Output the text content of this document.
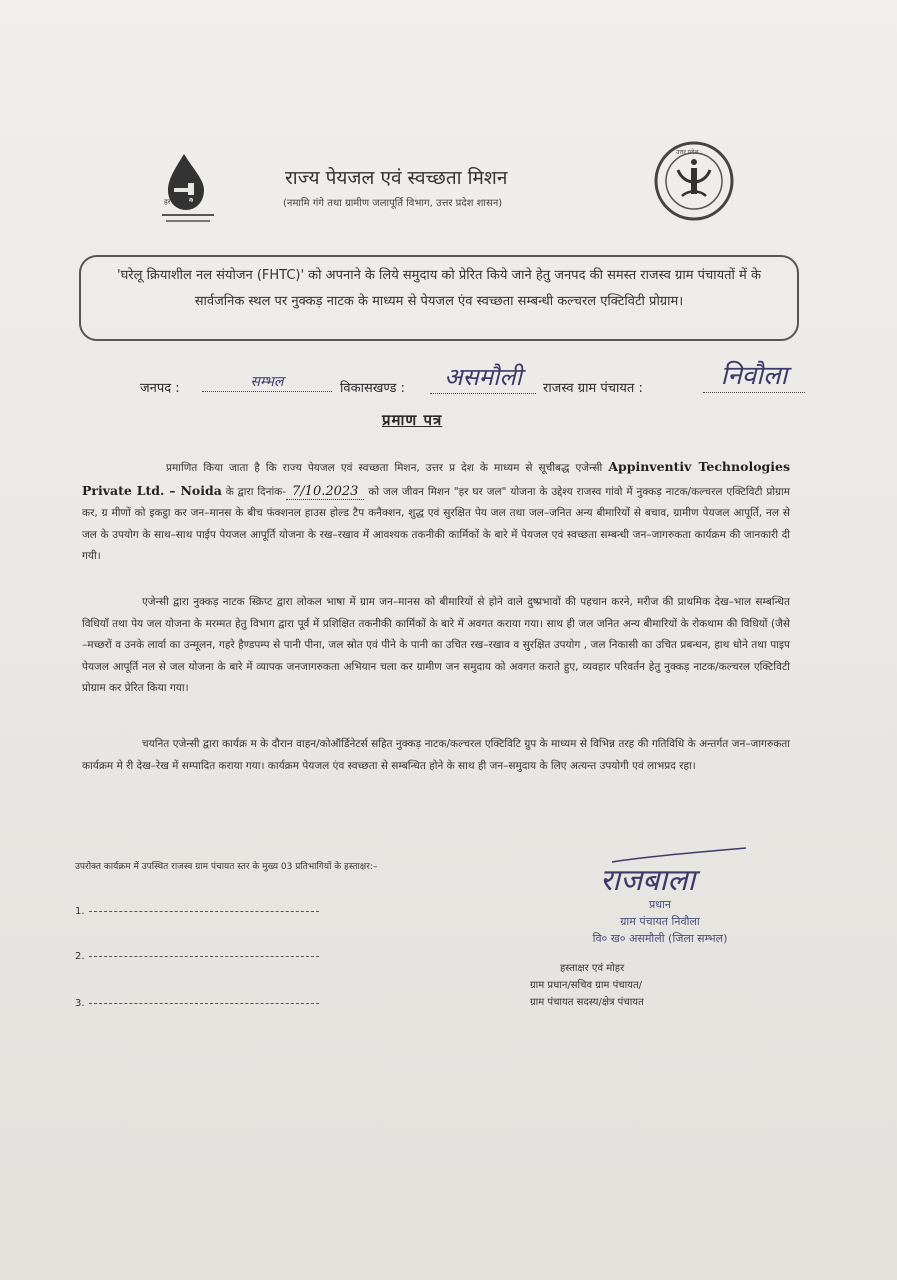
हर घर जल
राज्य पेयजल एवं स्वच्छता मिशन
(नमामि गंगे तथा ग्रामीण जलापूर्ति विभाग, उत्तर प्रदेश शासन)
उत्तर प्रदेश
'घरेलू क्रियाशील नल संयोजन (FHTC)' को अपनाने के लिये समुदाय को प्रेरित किये जाने हेतु जनपद की समस्त राजस्व ग्राम पंचायतों में के सार्वजनिक स्थल पर नुक्कड़ नाटक के माध्यम से पेयजल एंव स्वच्छता सम्बन्धी कल्चरल एक्टिविटी प्रोग्राम।
जनपद :	सम्भल	विकासखण्ड :	असमौली	राजस्व ग्राम पंचायत :	निवौला
प्रमाण पत्र
प्रमाणित किया जाता है कि राज्य पेयजल एवं स्वच्छता मिशन, उत्तर प्र देश के माध्यम से सूचीबद्ध एजेन्सी Appinventiv Technologies Private Ltd. – Noida के द्वारा दिनांक- 7/10.2023 को जल जीवन मिशन "हर घर जल" योजना के उद्देश्य राजस्व गांवो में नुक्कड़ नाटक/कल्चरल एक्टिविटी प्रोग्राम कर, ग्र मीणों को इकट्ठा कर जन–मानस के बीच फंक्शनल हाउस होल्ड टैप कनैक्शन, शुद्ध एवं सुरक्षित पेय जल तथा जल–जनित अन्य बीमारियों से बचाव, ग्रामीण पेयजल आपूर्ति, नल से जल के उपयोग के साथ–साथ पाईप पेयजल आपूर्ति योजना के रख–रखाव में आवश्यक तकनीकी कार्मिकों के बारे में पेयजल एवं स्वच्छता सम्बन्धी जन–जागरुकता कार्यक्रम की जानकारी दी गयी।
एजेन्सी द्वारा नुक्कड़ नाटक स्क्रिप्ट द्वारा लोकल भाषा में ग्राम जन–मानस को बीमारियों से होने वाले दुष्प्रभावों की पहचान करने, मरीज की प्राथमिक देख–भाल सम्बन्धित विधियाँ तथा पेय जल योजना के मरम्मत हेतु विभाग द्वारा पूर्व में प्रशिक्षित तकनीकी कार्मिकों के बारे में अवगत कराया गया। साथ ही जल जनित अन्य बीमारियों के रोकथाम की विधियों (जैसे –मच्छरों व उनके लार्वा का उन्मूलन, गहरे हैण्डपम्प से पानी पीना, जल स्रोत एवं पीने के पानी का उचित रख–रखाव व सुरक्षित उपयोग , जल निकासी का उचित प्रबन्धन, हाथ धोने तथा पाइप पेयजल आपूर्ति नल से जल योजना के बारे में व्यापक जनजागरुकता अभियान चला कर ग्रामीण जन समुदाय को अवगत कराते हुए, व्यवहार परिवर्तन हेतु नुक्कड़ नाटक/कल्चरल एक्टिविटी प्रोग्राम कर प्रेरित किया गया।
चयनित एजेन्सी द्वारा कार्यक्र म के दौरान वाहन/कोऑर्डिनेटर्स सहित नुक्कड़ नाटक/कल्चरल एक्टिविटि ग्रुप के माध्यम से विभिन्न तरह की गतिविधि के अन्तर्गत जन–जागरुकता कार्यक्रम मे री देख–रेख में सम्पादित कराया गया। कार्यक्रम पेयजल एंव स्वच्छता से सम्बन्धित होने के साथ ही जन–समुदाय के लिए अत्यन्त उपयोगी एवं लाभप्रद रहा।
उपरोक्त कार्यक्रम में उपस्थित राजस्व ग्राम पंचायत स्तर के मुख्य 03 प्रतिभागियों के हस्ताक्षर:–
1.
2.
3.
राजबाला
प्रधान
ग्राम पंचायत निवौला
वि० ख० असमौली (जिला सम्भल)
हस्ताक्षर एवं मोहर
ग्राम प्रधान/सचिव ग्राम पंचायत/
ग्राम पंचायत सदस्य/क्षेत्र पंचायत
